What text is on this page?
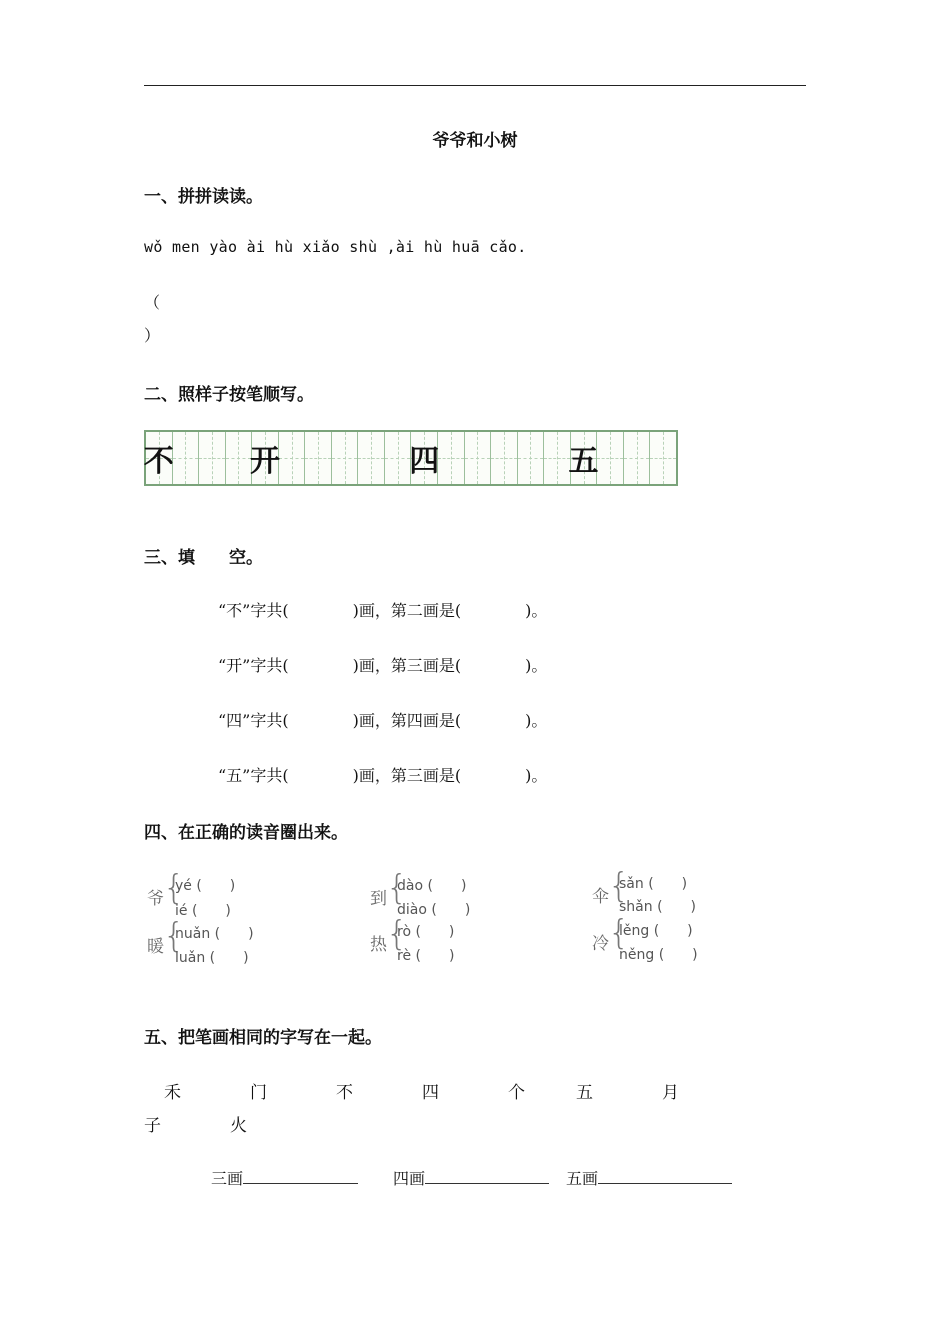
爷爷和小树
一、拼拼读读。
wǒ men yào ài hù xiǎo shù ,ài hù huā cǎo.
（
）
二、照样子按笔顺写。
不	开	四	五
三、填　　空。
“不”字共(　　　　)画，第二画是(　　　　)。
“开”字共(　　　　)画，第三画是(　　　　)。
“四”字共(　　　　)画，第四画是(　　　　)。
“五”字共(　　　　)画，第三画是(　　　　)。
四、在正确的读音圈出来。
爷 {
yé (　　)
ié (　　)
到 {
dào (　　)
diào (　　)
伞 {
sǎn (　　)
shǎn (　　)
暖 {
nuǎn (　　)
luǎn (　　)
热 {
rò (　　)
rè (　　)
冷 {
lěng (　　)
něng (　　)
五、把笔画相同的字写在一起。
禾	门	不	四	个	五	月
子	火
三画	四画	五画
